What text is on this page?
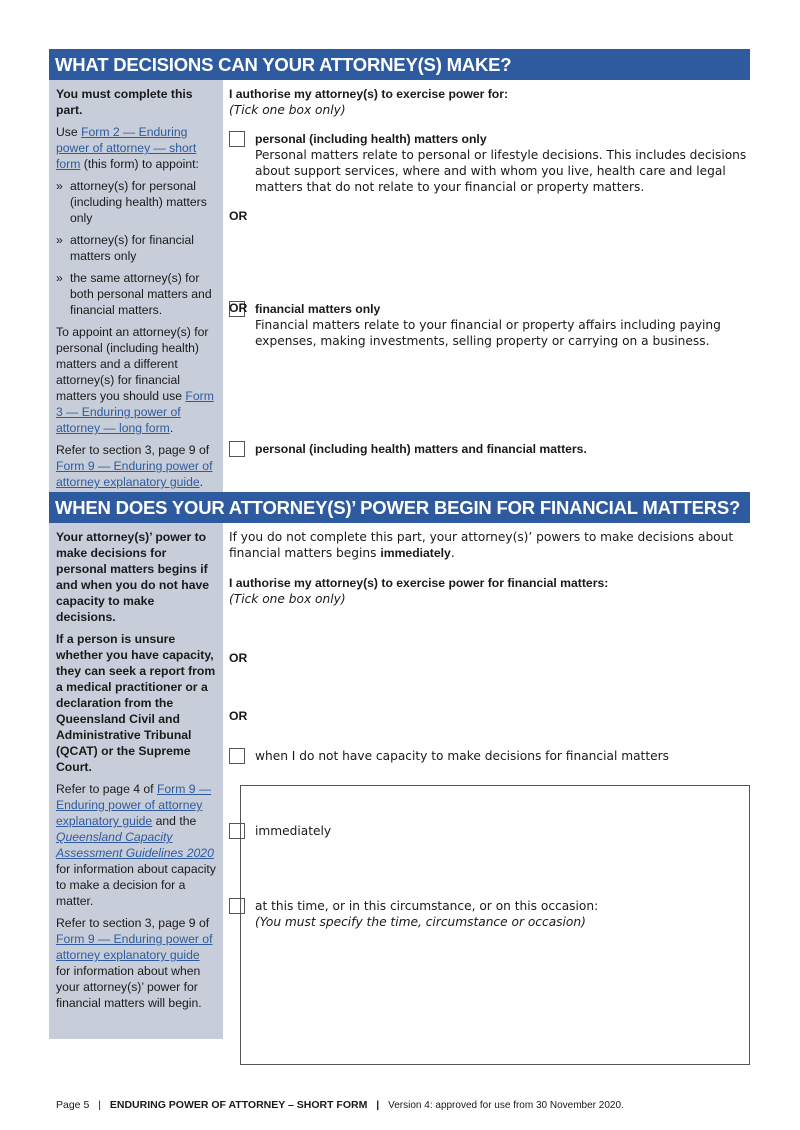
WHAT DECISIONS CAN YOUR ATTORNEY(S) MAKE?

You must complete this part.

Use Form 2 — Enduring power of attorney — short form (this form) to appoint:

» attorney(s) for personal (including health) matters only
» attorney(s) for financial matters only
» the same attorney(s) for both personal matters and financial matters.

To appoint an attorney(s) for personal (including health) matters and a different attorney(s) for financial matters you should use Form 3 — Enduring power of attorney — long form.

Refer to section 3, page 9 of Form 9 — Enduring power of attorney explanatory guide.

I authorise my attorney(s) to exercise power for:
(Tick one box only)
personal (including health) matters only
Personal matters relate to personal or lifestyle decisions. This includes decisions about support services, where and with whom you live, health care and legal matters that do not relate to your financial or property matters.
OR
financial matters only
Financial matters relate to your financial or property affairs including paying expenses, making investments, selling property or carrying on a business.
OR
personal (including health) matters and financial matters.
WHEN DOES YOUR ATTORNEY(S)’ POWER BEGIN FOR FINANCIAL MATTERS?

Your attorney(s)’ power to make decisions for personal matters begins if and when you do not have capacity to make decisions.

If a person is unsure whether you have capacity, they can seek a report from a medical practitioner or a declaration from the Queensland Civil and Administrative Tribunal (QCAT) or the Supreme Court.

Refer to page 4 of Form 9 — Enduring power of attorney explanatory guide and the Queensland Capacity Assessment Guidelines 2020 for information about capacity to make a decision for a matter.

Refer to section 3, page 9 of Form 9 — Enduring power of attorney explanatory guide for information about when your attorney(s)’ power for financial matters will begin.

If you do not complete this part, your attorney(s)’ powers to make decisions about financial matters begins immediately.
I authorise my attorney(s) to exercise power for financial matters:
(Tick one box only)
when I do not have capacity to make decisions for financial matters
OR
immediately
OR
at this time, or in this circumstance, or on this occasion:
(You must specify the time, circumstance or occasion)
Page 5 | ENDURING POWER OF ATTORNEY – SHORT FORM | Version 4: approved for use from 30 November 2020.
